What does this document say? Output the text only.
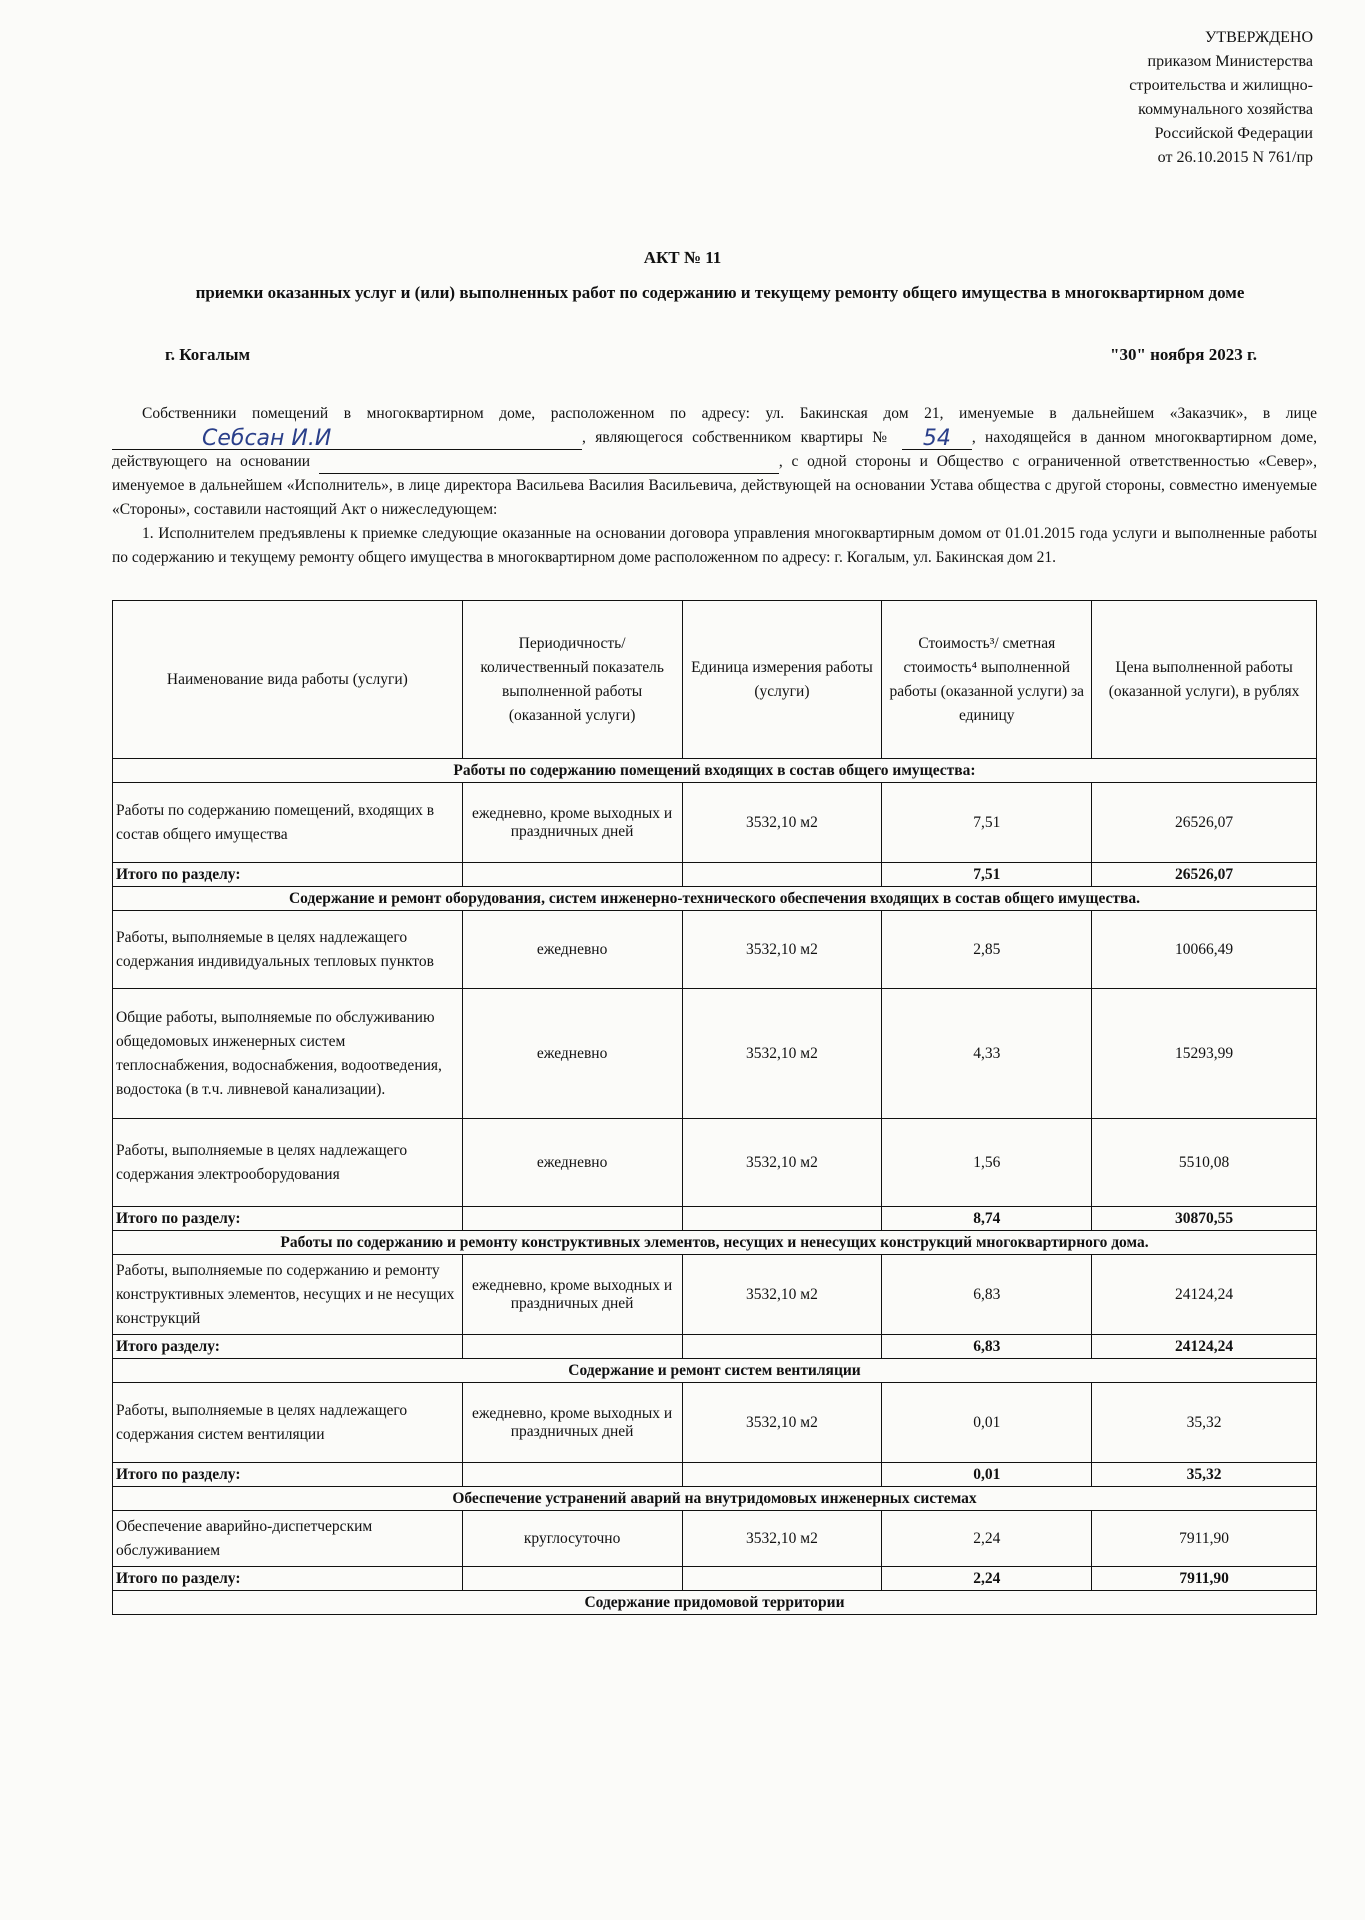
УТВЕРЖДЕНО
приказом Министерства
строительства и жилищно-
коммунального хозяйства
Российской Федерации
от 26.10.2015 N 761/пр
АКТ № 11
приемки оказанных услуг и (или) выполненных работ по содержанию и текущему ремонту общего имущества в многоквартирном доме
г. Когалым	"30" ноября 2023 г.
Собственники помещений в многоквартирном доме, расположенном по адресу: ул. Бакинская дом 21, именуемые в дальнейшем «Заказчик», в лице Себсан И.И	, являющегося собственником квартиры № 54 , находящейся в данном многоквартирном доме, действующего на основании	, с одной стороны и Общество с ограниченной ответственностью «Север», именуемое в дальнейшем «Исполнитель», в лице директора Васильева Василия Васильевича, действующей на основании Устава общества с другой стороны, совместно именуемые «Стороны», составили настоящий Акт о нижеследующем:
1. Исполнителем предъявлены к приемке следующие оказанные на основании договора управления многоквартирным домом от 01.01.2015 года услуги и выполненные работы по содержанию и текущему ремонту общего имущества в многоквартирном доме расположенном по адресу: г. Когалым, ул. Бакинская дом 21.
Наименование вида работы (услуги)	Периодичность/ количественный показатель выполненной работы (оказанной услуги)	Единица измерения работы (услуги)	Стоимость³/ сметная стоимость⁴ выполненной работы (оказанной услуги) за единицу	Цена выполненной работы (оказанной услуги), в рублях
Работы по содержанию помещений входящих в состав общего имущества:				
Работы по содержанию помещений, входящих в состав общего имущества	ежедневно, кроме выходных и праздничных дней	3532,10 м2	7,51	26526,07
Итого по разделу:			7,51	26526,07
Содержание и ремонт оборудования, систем инженерно-технического обеспечения входящих в состав общего имущества.				
Работы, выполняемые в целях надлежащего содержания индивидуальных тепловых пунктов	ежедневно	3532,10 м2	2,85	10066,49
Общие работы, выполняемые по обслуживанию общедомовых инженерных систем теплоснабжения, водоснабжения, водоотведения, водостока (в т.ч. ливневой канализации).	ежедневно	3532,10 м2	4,33	15293,99
Работы, выполняемые в целях надлежащего содержания электрооборудования	ежедневно	3532,10 м2	1,56	5510,08
Итого по разделу:			8,74	30870,55
Работы по содержанию и ремонту конструктивных элементов, несущих и ненесущих конструкций многоквартирного дома.				
Работы, выполняемые по содержанию и ремонту конструктивных элементов, несущих и не несущих конструкций	ежедневно, кроме выходных и праздничных дней	3532,10 м2	6,83	24124,24
Итого разделу:			6,83	24124,24
Содержание и ремонт систем вентиляции				
Работы, выполняемые в целях надлежащего содержания систем вентиляции	ежедневно, кроме выходных и праздничных дней	3532,10 м2	0,01	35,32
Итого по разделу:			0,01	35,32
Обеспечение устранений аварий на внутридомовых инженерных системах				
Обеспечение аварийно-диспетчерским обслуживанием	круглосуточно	3532,10 м2	2,24	7911,90
Итого по разделу:			2,24	7911,90
Содержание придомовой территории				
